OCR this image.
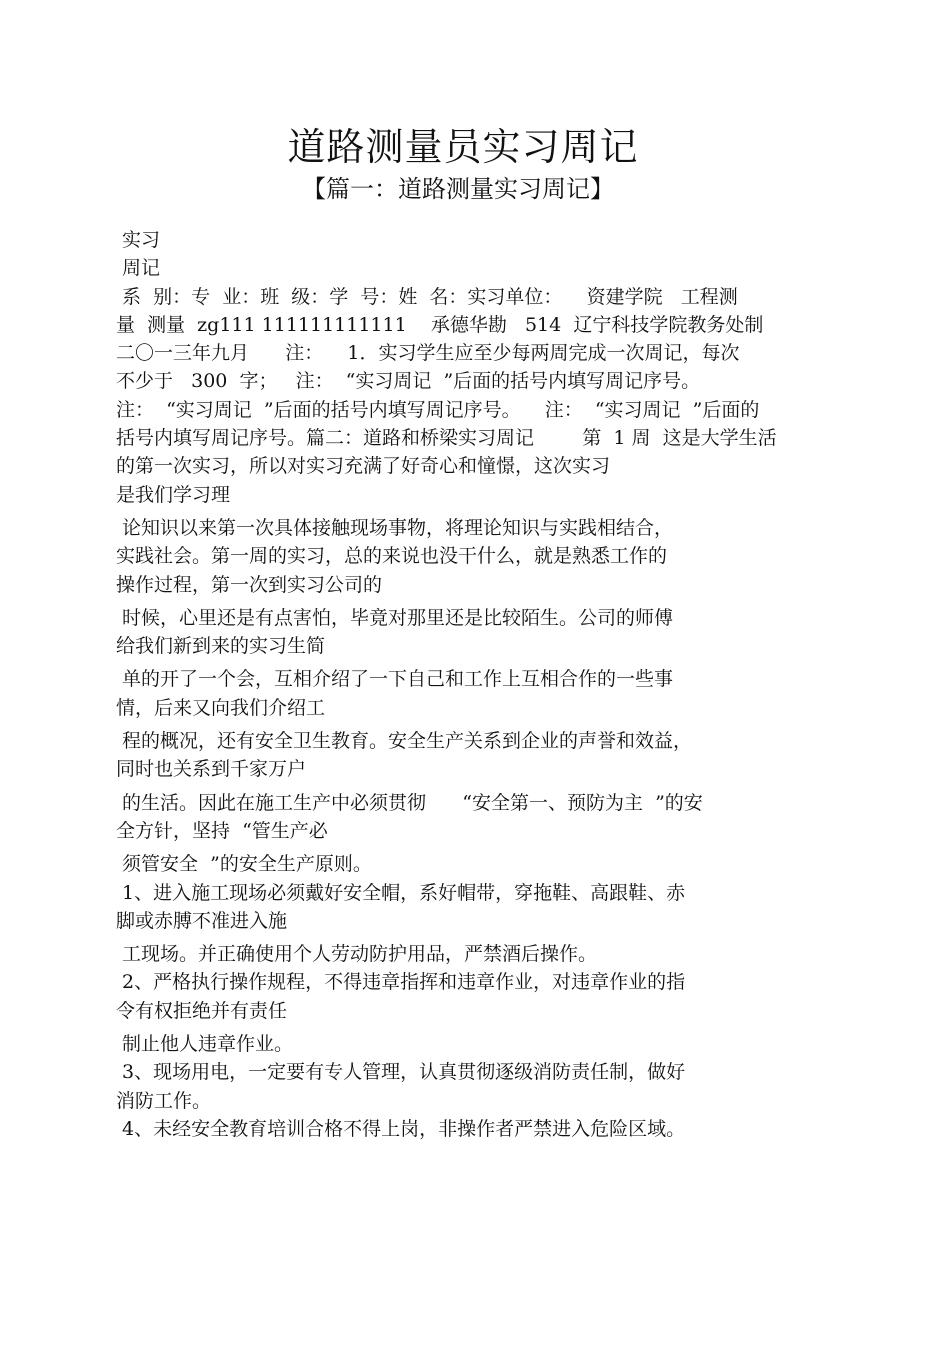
道路测量员实习周记
【篇一：道路测量实习周记】
实习
周记
系  别：专  业：班  级：学  号：姓  名：实习单位：    资建学院   工程测
量  测量  zg111 111111111111    承德华勘   514  辽宁科技学院教务处制
二〇一三年九月      注：    1．实习学生应至少每两周完成一次周记，每次
不少于   300  字；   注：  “实习周记  ”后面的括号内填写周记序号。
注：  “实习周记  ”后面的括号内填写周记序号。    注：  “实习周记  ”后面的
括号内填写周记序号。篇二：道路和桥梁实习周记        第  1 周  这是大学生活
的第一次实习，所以对实习充满了好奇心和憧憬，这次实习
是我们学习理
论知识以来第一次具体接触现场事物，将理论知识与实践相结合，
实践社会。第一周的实习，总的来说也没干什么，就是熟悉工作的
操作过程，第一次到实习公司的
时候，心里还是有点害怕，毕竟对那里还是比较陌生。公司的师傅
给我们新到来的实习生简
单的开了一个会，互相介绍了一下自己和工作上互相合作的一些事
情，后来又向我们介绍工
程的概况，还有安全卫生教育。安全生产关系到企业的声誉和效益，
同时也关系到千家万户
的生活。因此在施工生产中必须贯彻      “安全第一、预防为主  ”的安
全方针，坚持  “管生产必
须管安全  ”的安全生产原则。
1、进入施工现场必须戴好安全帽，系好帽带，穿拖鞋、高跟鞋、赤
脚或赤膊不准进入施
工现场。并正确使用个人劳动防护用品，严禁酒后操作。
2、严格执行操作规程，不得违章指挥和违章作业，对违章作业的指
令有权拒绝并有责任
制止他人违章作业。
3、现场用电，一定要有专人管理，认真贯彻逐级消防责任制，做好
消防工作。
4、未经安全教育培训合格不得上岗，非操作者严禁进入危险区域。
